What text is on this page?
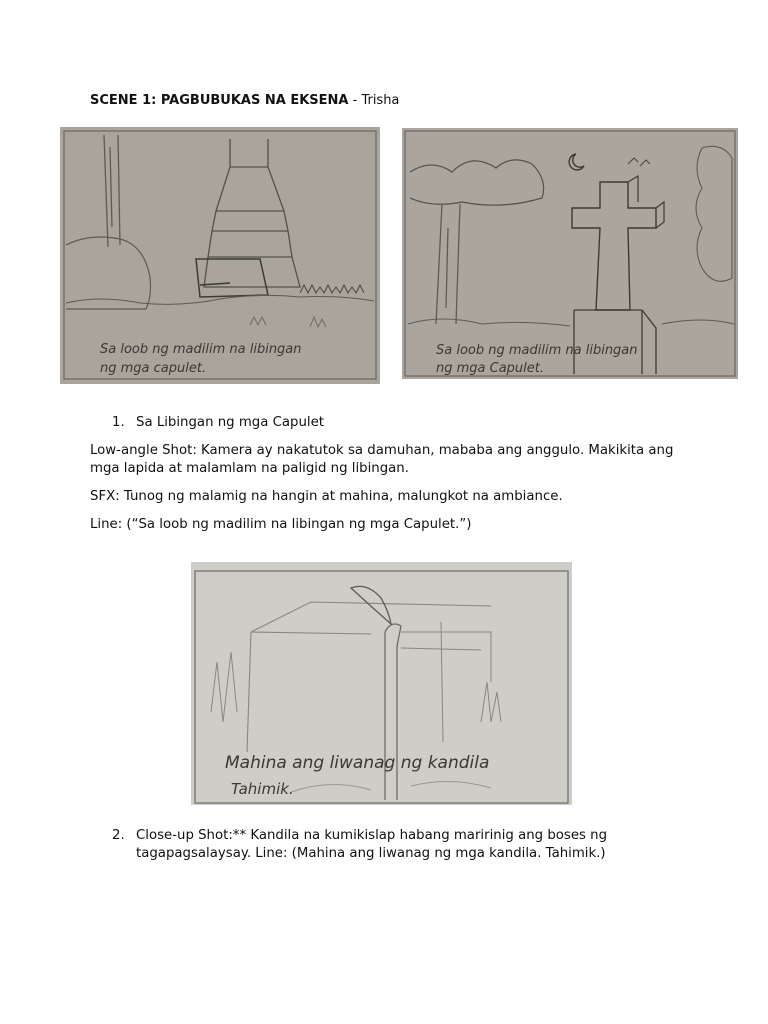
SCENE 1: PAGBUBUKAS NA EKSENA - Trisha
Sa loob ng madilim na libingan
ng mga capulet.
Sa loob ng madilim na libingan
ng mga Capulet.
1. Sa Libingan ng mga Capulet

Low-angle Shot: Kamera ay nakatutok sa damuhan, mababa ang anggulo. Makikita ang mga lapida at malamlam na paligid ng libingan.

SFX: Tunog ng malamig na hangin at mahina, malungkot na ambiance.

Line: (“Sa loob ng madilim na libingan ng mga Capulet.”)

Mahina ang liwanag ng kandila
Tahimik.
2. Close-up Shot:** Kandila na kumikislap habang maririnig ang boses ng tagapagsalaysay. Line: (Mahina ang liwanag ng mga kandila. Tahimik.)
